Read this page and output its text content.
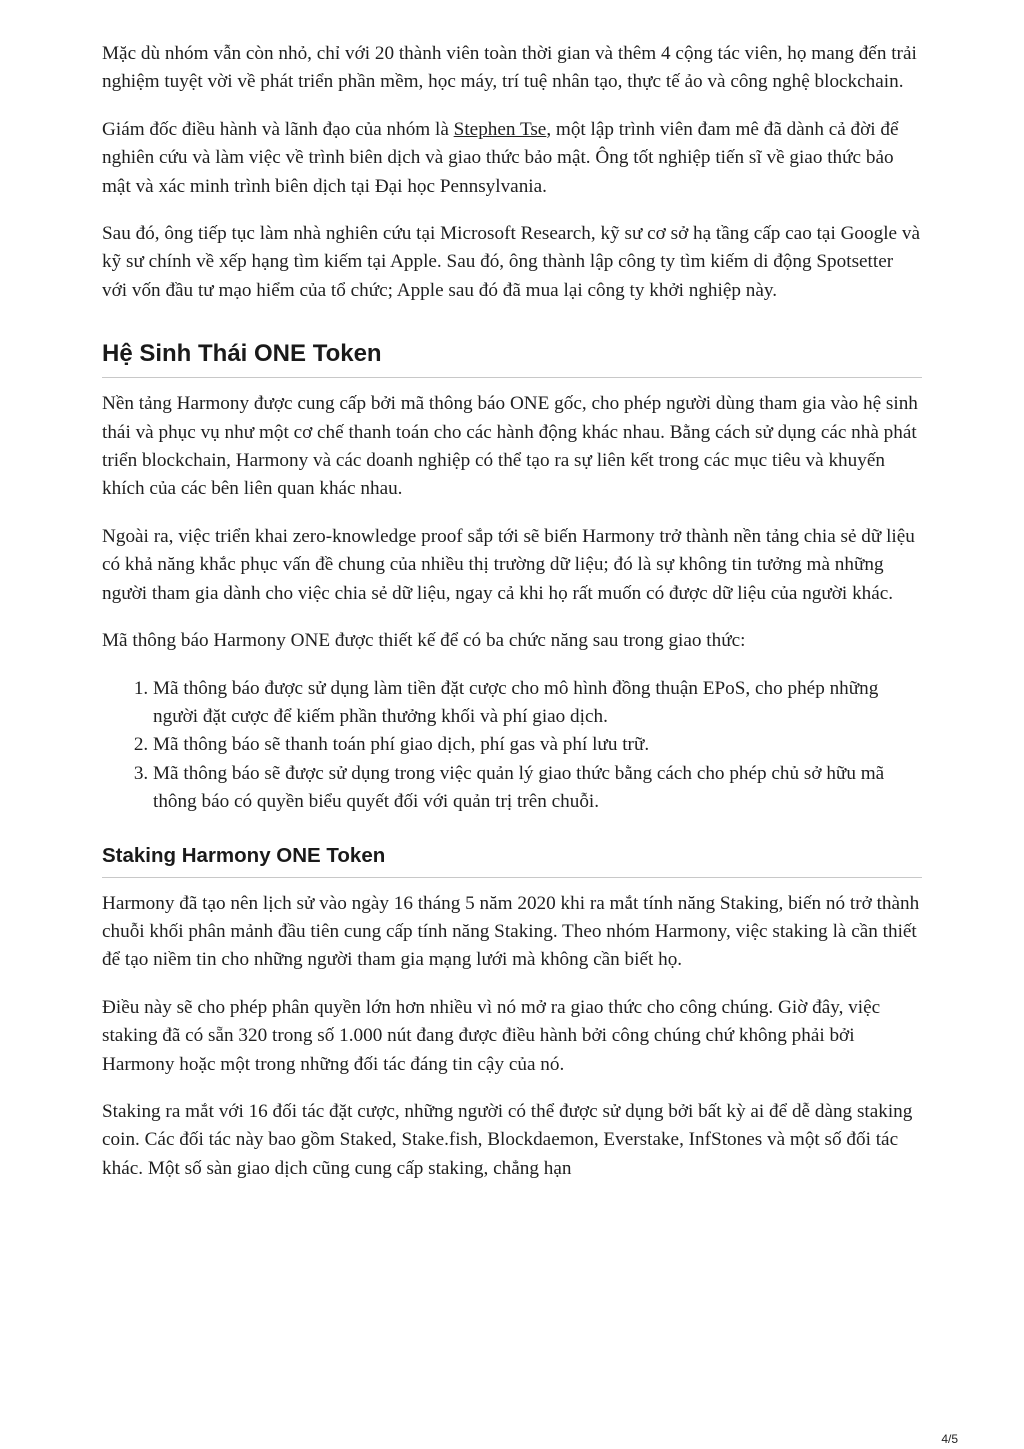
Mặc dù nhóm vẫn còn nhỏ, chỉ với 20 thành viên toàn thời gian và thêm 4 cộng tác viên, họ mang đến trải nghiệm tuyệt vời về phát triển phần mềm, học máy, trí tuệ nhân tạo, thực tế ảo và công nghệ blockchain.

Giám đốc điều hành và lãnh đạo của nhóm là Stephen Tse, một lập trình viên đam mê đã dành cả đời để nghiên cứu và làm việc về trình biên dịch và giao thức bảo mật. Ông tốt nghiệp tiến sĩ về giao thức bảo mật và xác minh trình biên dịch tại Đại học Pennsylvania.

Sau đó, ông tiếp tục làm nhà nghiên cứu tại Microsoft Research, kỹ sư cơ sở hạ tầng cấp cao tại Google và kỹ sư chính về xếp hạng tìm kiếm tại Apple. Sau đó, ông thành lập công ty tìm kiếm di động Spotsetter với vốn đầu tư mạo hiểm của tổ chức; Apple sau đó đã mua lại công ty khởi nghiệp này.

Hệ Sinh Thái ONE Token

Nền tảng Harmony được cung cấp bởi mã thông báo ONE gốc, cho phép người dùng tham gia vào hệ sinh thái và phục vụ như một cơ chế thanh toán cho các hành động khác nhau. Bằng cách sử dụng các nhà phát triển blockchain, Harmony và các doanh nghiệp có thể tạo ra sự liên kết trong các mục tiêu và khuyến khích của các bên liên quan khác nhau.

Ngoài ra, việc triển khai zero-knowledge proof sắp tới sẽ biến Harmony trở thành nền tảng chia sẻ dữ liệu có khả năng khắc phục vấn đề chung của nhiều thị trường dữ liệu; đó là sự không tin tưởng mà những người tham gia dành cho việc chia sẻ dữ liệu, ngay cả khi họ rất muốn có được dữ liệu của người khác.

Mã thông báo Harmony ONE được thiết kế để có ba chức năng sau trong giao thức:

1. Mã thông báo được sử dụng làm tiền đặt cược cho mô hình đồng thuận EPoS, cho phép những người đặt cược để kiếm phần thưởng khối và phí giao dịch.
2. Mã thông báo sẽ thanh toán phí giao dịch, phí gas và phí lưu trữ.
3. Mã thông báo sẽ được sử dụng trong việc quản lý giao thức bằng cách cho phép chủ sở hữu mã thông báo có quyền biểu quyết đối với quản trị trên chuỗi.
Staking Harmony ONE Token

Harmony đã tạo nên lịch sử vào ngày 16 tháng 5 năm 2020 khi ra mắt tính năng Staking, biến nó trở thành chuỗi khối phân mảnh đầu tiên cung cấp tính năng Staking. Theo nhóm Harmony, việc staking là cần thiết để tạo niềm tin cho những người tham gia mạng lưới mà không cần biết họ.

Điều này sẽ cho phép phân quyền lớn hơn nhiều vì nó mở ra giao thức cho công chúng. Giờ đây, việc staking đã có sẵn 320 trong số 1.000 nút đang được điều hành bởi công chúng chứ không phải bởi Harmony hoặc một trong những đối tác đáng tin cậy của nó.

Staking ra mắt với 16 đối tác đặt cược, những người có thể được sử dụng bởi bất kỳ ai để dễ dàng staking coin. Các đối tác này bao gồm Staked, Stake.fish, Blockdaemon, Everstake, InfStones và một số đối tác khác. Một số sàn giao dịch cũng cung cấp staking, chẳng hạn

4/5
